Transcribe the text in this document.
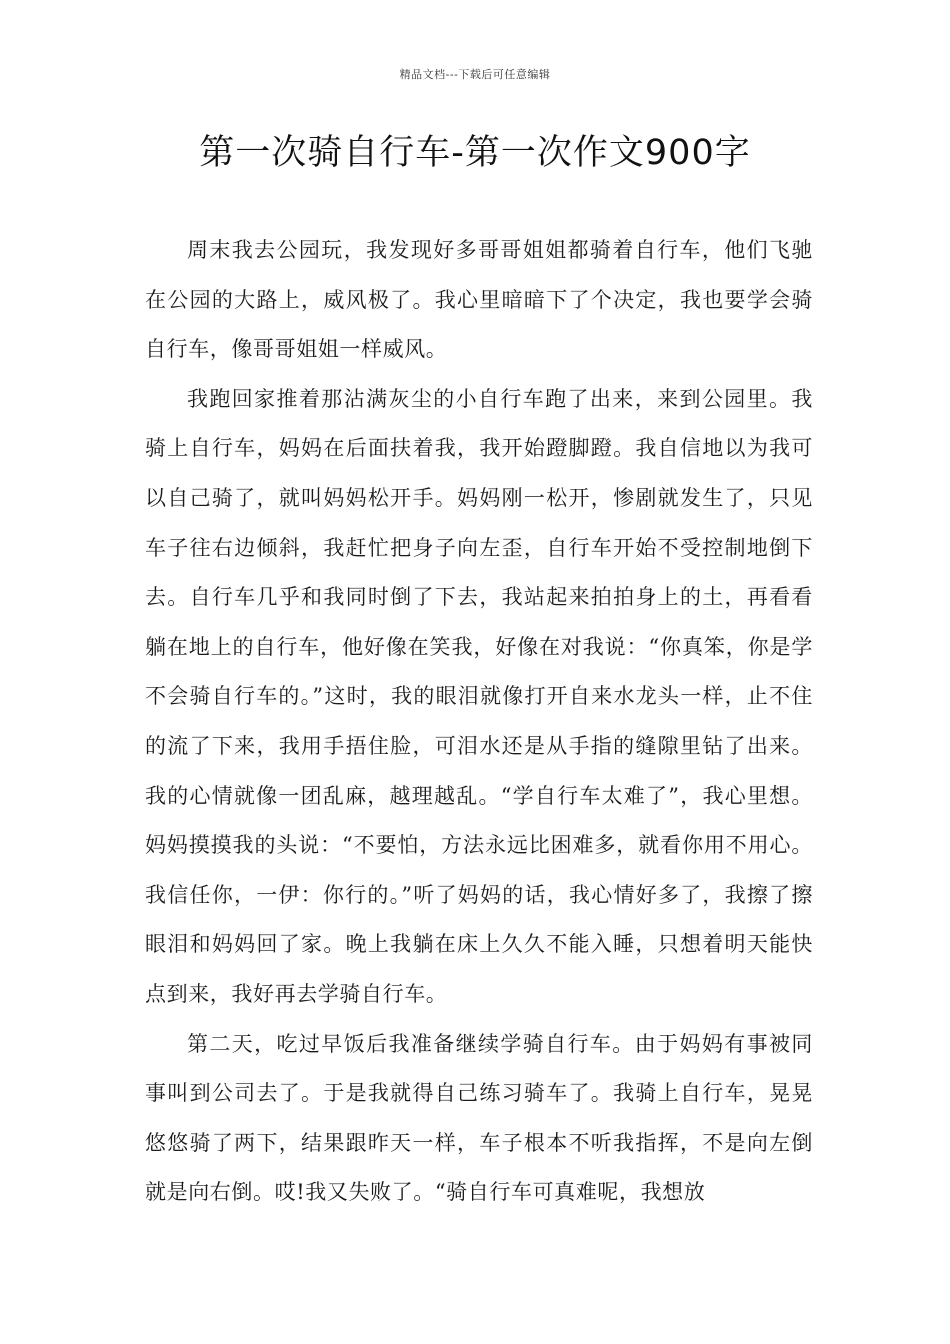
精品文档---下载后可任意编辑
第一次骑自行车-第一次作文900字

周末我去公园玩，我发现好多哥哥姐姐都骑着自行车，他们飞驰在公园的大路上，威风极了。我心里暗暗下了个决定，我也要学会骑自行车，像哥哥姐姐一样威风。

我跑回家推着那沾满灰尘的小自行车跑了出来，来到公园里。我骑上自行车，妈妈在后面扶着我，我开始蹬脚蹬。我自信地以为我可以自己骑了，就叫妈妈松开手。妈妈刚一松开，惨剧就发生了，只见车子往右边倾斜，我赶忙把身子向左歪，自行车开始不受控制地倒下去。自行车几乎和我同时倒了下去，我站起来拍拍身上的土，再看看躺在地上的自行车，他好像在笑我，好像在对我说：“你真笨，你是学不会骑自行车的。”这时，我的眼泪就像打开自来水龙头一样，止不住的流了下来，我用手捂住脸，可泪水还是从手指的缝隙里钻了出来。我的心情就像一团乱麻，越理越乱。“学自行车太难了”，我心里想。妈妈摸摸我的头说：“不要怕，方法永远比困难多，就看你用不用心。我信任你，一伊：你行的。”听了妈妈的话，我心情好多了，我擦了擦眼泪和妈妈回了家。晚上我躺在床上久久不能入睡，只想着明天能快点到来，我好再去学骑自行车。

第二天，吃过早饭后我准备继续学骑自行车。由于妈妈有事被同事叫到公司去了。于是我就得自己练习骑车了。我骑上自行车，晃晃悠悠骑了两下，结果跟昨天一样，车子根本不听我指挥，不是向左倒就是向右倒。哎!我又失败了。“骑自行车可真难呢，我想放
